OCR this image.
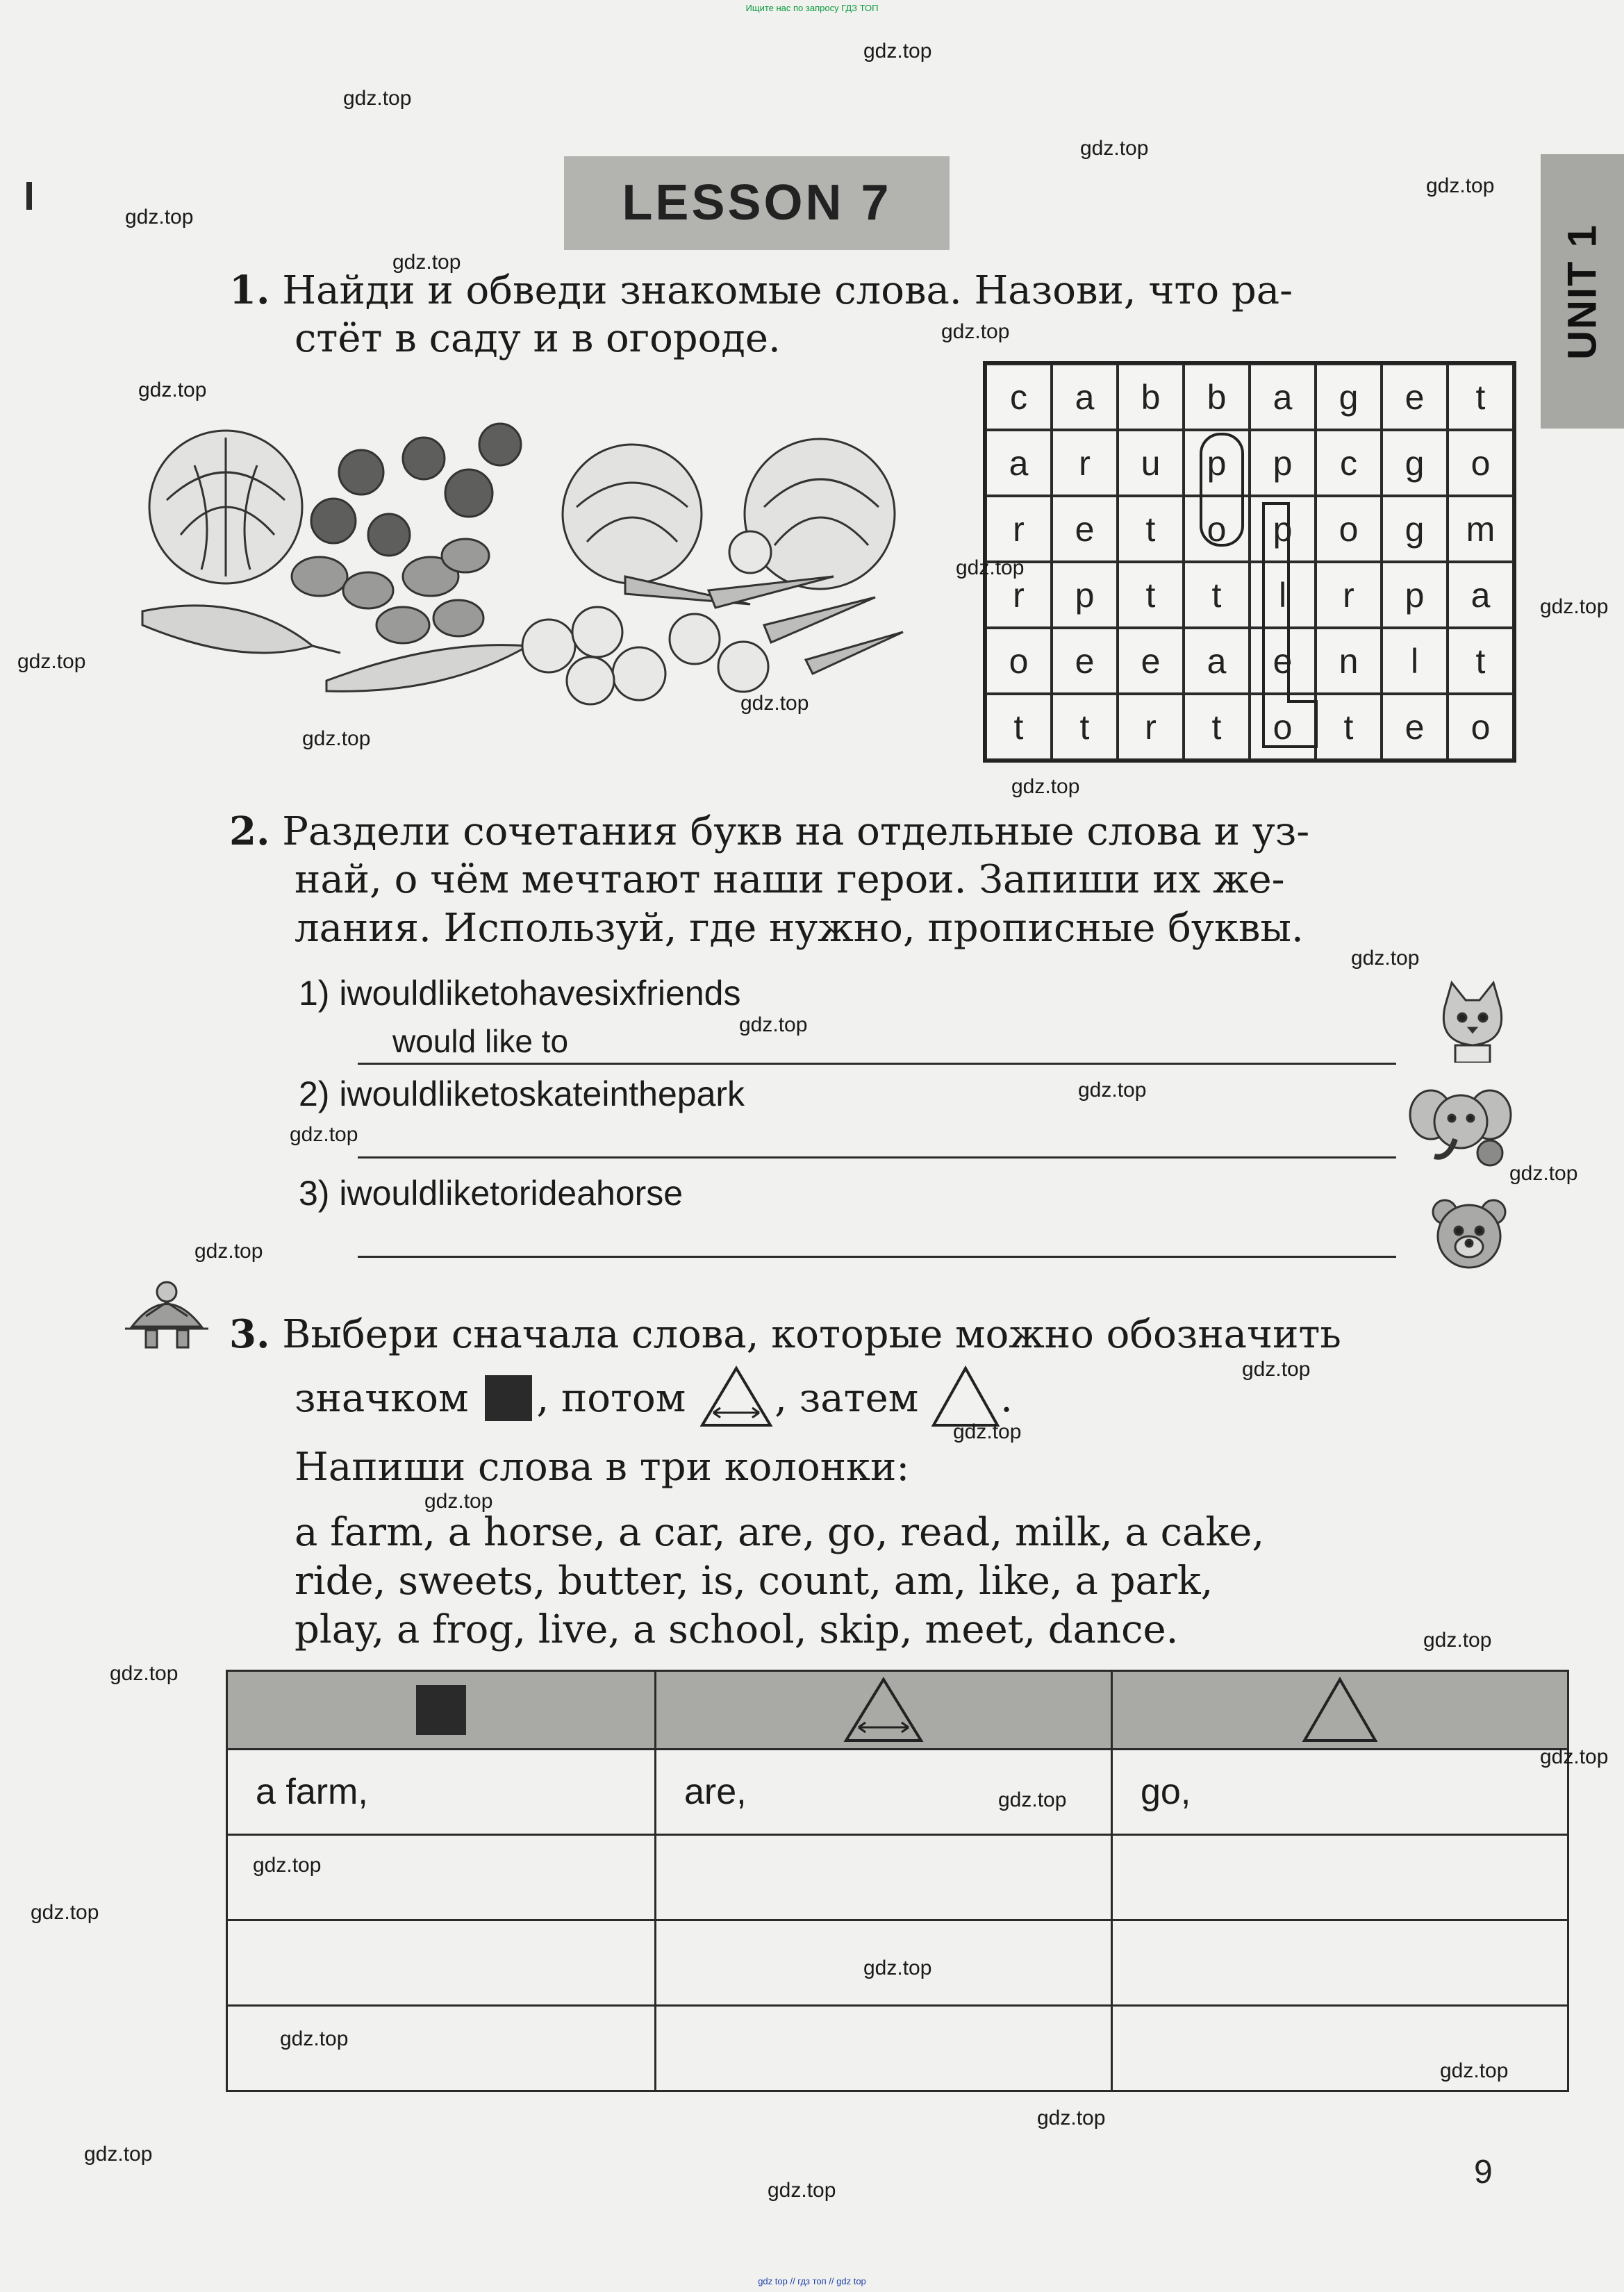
Ищите нас по запросу ГДЗ ТОП
gdz top // гдз топ // gdz top
LESSON 7
UNIT 1
1. Найди и обведи знакомые слова. Назови, что ра-
стёт в саду и в огороде.
c	a	b	b	a	g	e	t
a	r	u	p	p	c	g	o
r	e	t	o	p	o	g	m
r	p	t	t	l	r	p	a
o	e	e	a	e	n	l	t
t	t	r	t	o	t	e	o
2. Раздели сочетания букв на отдельные слова и уз-
най, о чём мечтают наши герои. Запиши их же-
лания. Используй, где нужно, прописные буквы.
1) iwouldliketohavesixfriends
would like to
2) iwouldliketoskateinthepark
3) iwouldliketorideahorse
3. Выбери сначала слова, которые можно обозначить
значком , потом , затем .
Напиши слова в три колонки:
a farm, a horse, a car, are, go, read, milk, a cake,
ride, sweets, butter, is, count, am, like, a park,
play, a frog, live, a school, skip, meet, dance.

a farm,	are,	go,

9
gdz.top
gdz.top
gdz.top
gdz.top
gdz.top
gdz.top
gdz.top
gdz.top
gdz.top
gdz.top
gdz.top
gdz.top
gdz.top
gdz.top
gdz.top
gdz.top
gdz.top
gdz.top
gdz.top
gdz.top
gdz.top
gdz.top
gdz.top
gdz.top
gdz.top
gdz.top
gdz.top
gdz.top
gdz.top
gdz.top
gdz.top
gdz.top
gdz.top
gdz.top
gdz.top
